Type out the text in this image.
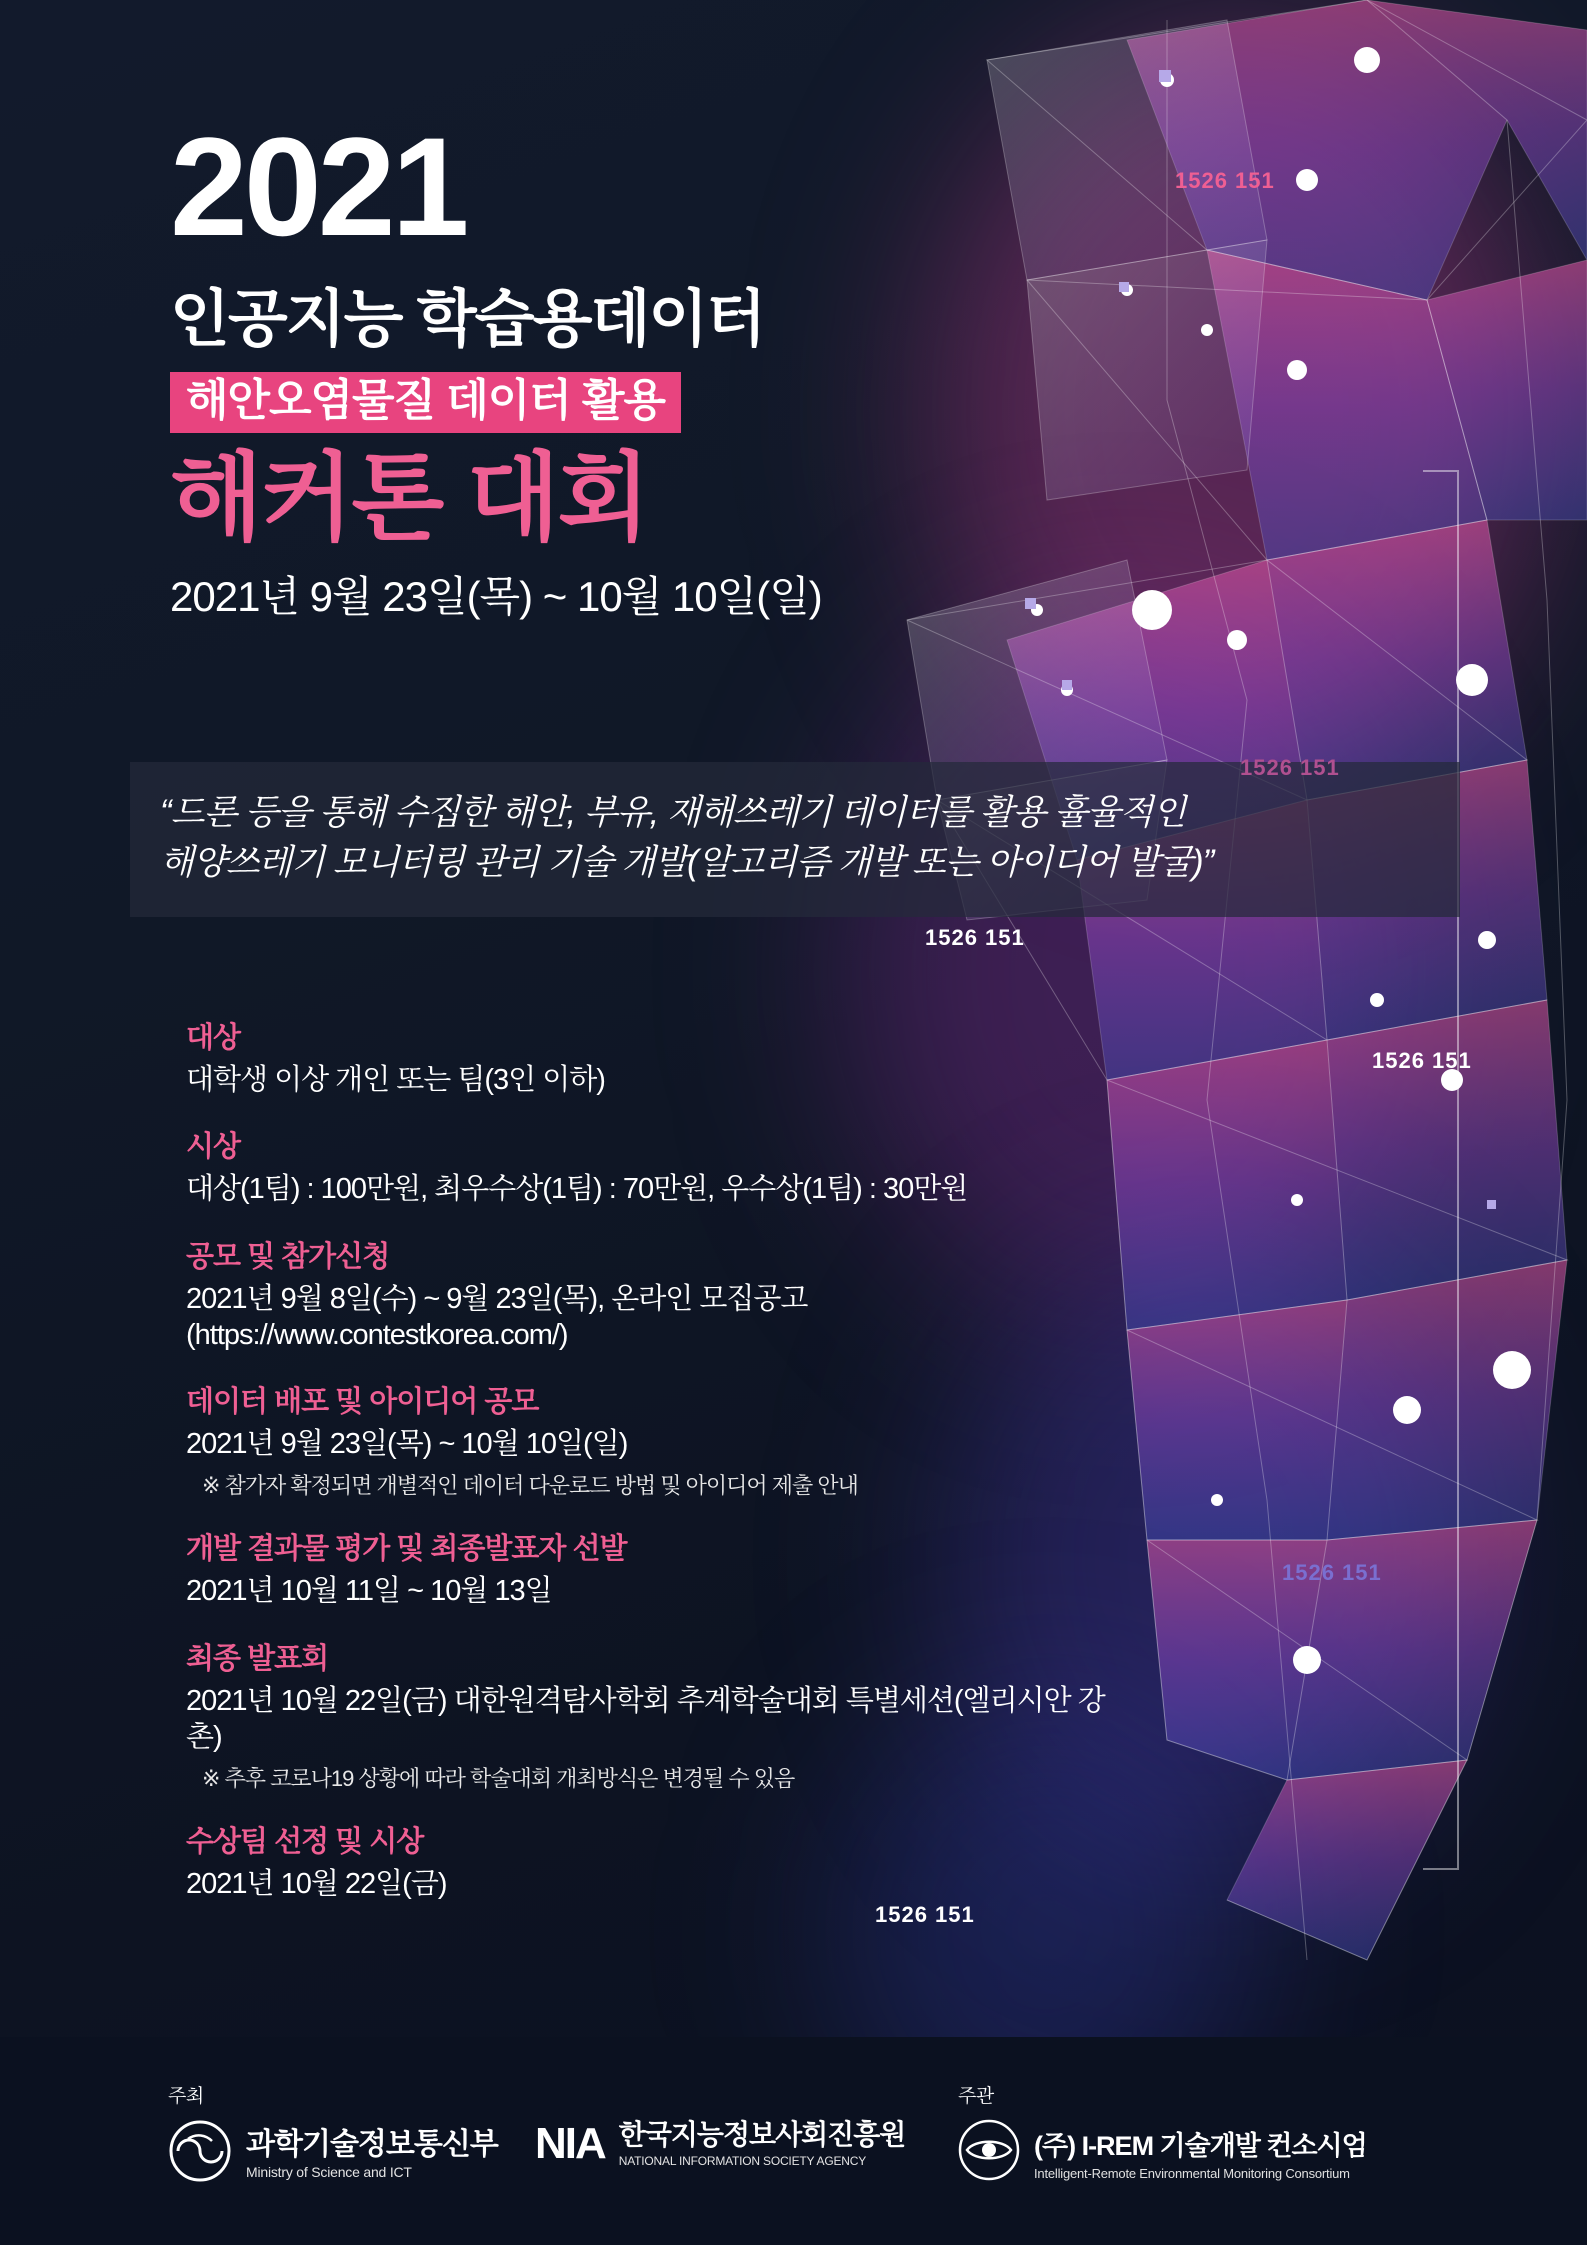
2021
인공지능 학습용데이터
해안오염물질 데이터 활용
해커톤 대회
2021년 9월 23일(목) ~ 10월 10일(일)
“드론 등을 통해 수집한 해안, 부유, 재해쓰레기 데이터를 활용 휼율적인
해양쓰레기 모니터링 관리 기술 개발(알고리즘 개발 또는 아이디어 발굴)”
대상
대학생 이상 개인 또는 팀(3인 이하)
시상
대상(1팀) : 100만원, 최우수상(1팀) : 70만원, 우수상(1팀) : 30만원
공모 및 참가신청
2021년 9월 8일(수) ~ 9월 23일(목), 온라인 모집공고(https://www.contestkorea.com/)
데이터 배포 및 아이디어 공모
2021년 9월 23일(목) ~ 10월 10일(일)
※ 참가자 확정되면 개별적인 데이터 다운로드 방법 및 아이디어 제출 안내
개발 결과물 평가 및 최종발표자 선발
2021년 10월 11일 ~ 10월 13일
최종 발표회
2021년 10월 22일(금) 대한원격탐사학회 추계학술대회 특별세션(엘리시안 강촌)
※ 추후 코로나19 상황에 따라 학술대회 개최방식은 변경될 수 있음
수상팀 선정 및 시상
2021년 10월 22일(금)
1526 151
1526 151
1526 151
1526 151
1526 151
1526 151
주최	주관
과학기술정보통신부
Ministry of Science and ICT
NIA 한국지능정보사회진흥원
NATIONAL INFORMATION SOCIETY AGENCY	(주) I-REM 기술개발 컨소시엄
Intelligent-Remote Environmental Monitoring Consortium
